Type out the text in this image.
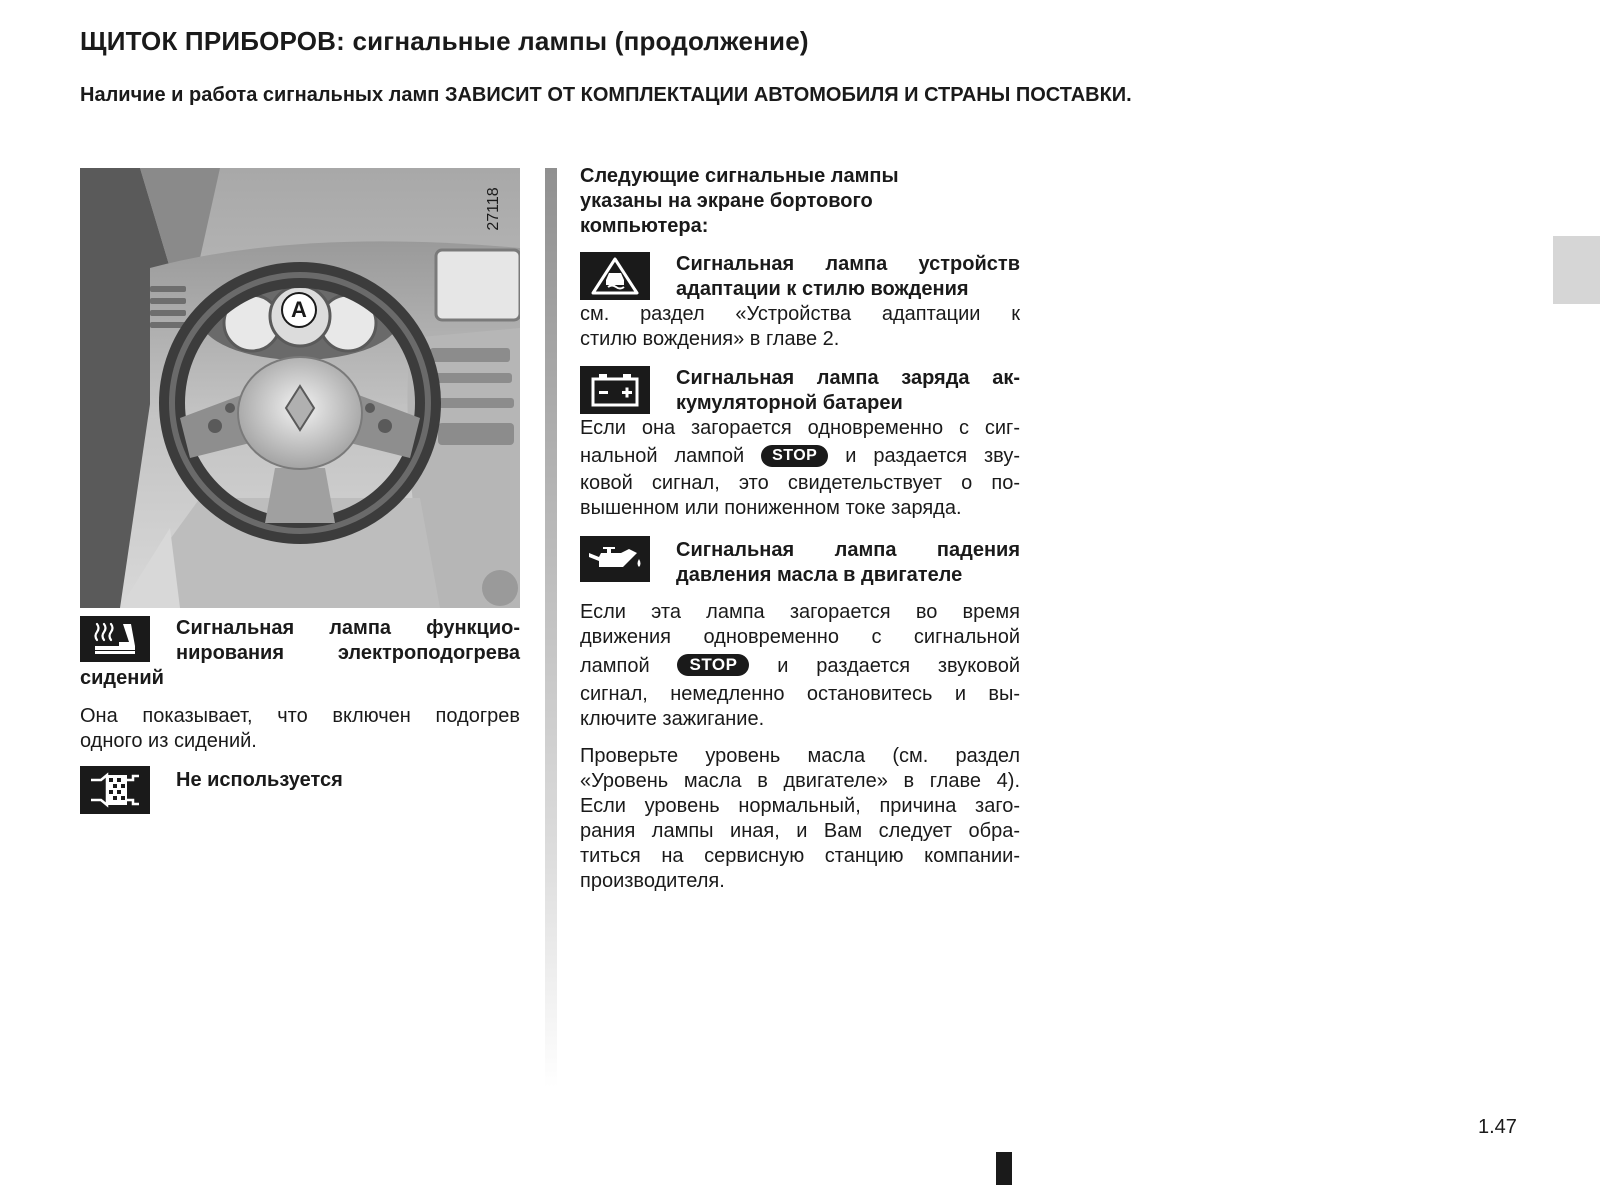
ЩИТОК ПРИБОРОВ: сигнальные лампы (продолжение)
Наличие и работа сигнальных ламп ЗАВИСИТ ОТ КОМПЛЕКТАЦИИ АВТОМОБИЛЯ И СТРАНЫ ПОСТАВКИ.
27118
A

Сигнальная лампа функцио-

нирования электроподогрева

сидений

Она показывает, что включен подогрев

одного из сидений.

Не используется

Следующие сигнальные лампы

указаны на экране бортового

компьютера:

Сигнальная лампа устройств

адаптации к стилю вождения

см. раздел «Устройства адаптации к

стилю вождения» в главе 2.

Сигнальная лампа заряда ак-

кумуляторной батареи

Если она загорается одновременно с сиг-

нальной лампой STOP и раздается зву-

ковой сигнал, это свидетельствует о по-

вышенном или пониженном токе заряда.

Сигнальная лампа падения

давления масла в двигателе

Если эта лампа загорается во время

движения одновременно с сигнальной

лампой STOP и раздается звуковой

сигнал, немедленно остановитесь и вы-

ключите зажигание.

Проверьте уровень масла (см. раздел

«Уровень масла в двигателе» в главе 4).

Если уровень нормальный, причина заго-

рания лампы иная, и Вам следует обра-

титься на сервисную станцию компании-

производителя.

1.47
